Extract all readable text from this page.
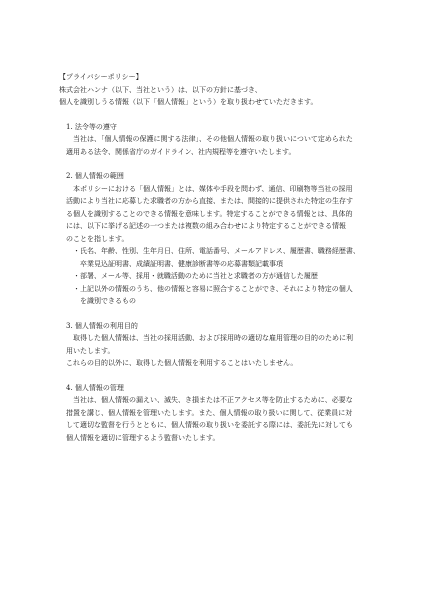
【プライバシーポリシー】
株式会社ハンナ（以下、当社という）は、以下の方針に基づき、
個人を識別しうる情報（以下「個人情報」という）を取り扱わせていただきます。
1. 法令等の遵守
当社は、「個人情報の保護に関する法律」、その他個人情報の取り扱いについて定められた
適用ある法令、関係省庁のガイドライン、社内規程等を遵守いたします。
2. 個人情報の範囲
本ポリシーにおける「個人情報」とは、媒体や手段を問わず、通信、印刷物等当社の採用
活動により当社に応募した求職者の方から直接、または、間接的に提供された特定の生存す
る個人を識別することのできる情報を意味します。特定することができる情報とは、具体的
には、以下に挙げる記述の一つまたは複数の組み合わせにより特定することができる情報
のことを指します。
・氏名、年齢、性別、生年月日、住所、電話番号、メールアドレス、履歴書、職務経歴書、
卒業見込証明書、成績証明書、健康診断書等の応募書類記載事項
・部署、メール等、採用・就職活動のために当社と求職者の方が通信した履歴
・上記以外の情報のうち、他の情報と容易に照合することができ、それにより特定の個人
を識別できるもの
3. 個人情報の利用目的
取得した個人情報は、当社の採用活動、および採用時の適切な雇用管理の目的のために利
用いたします。
これらの目的以外に、取得した個人情報を利用することはいたしません。
4. 個人情報の管理
当社は、個人情報の漏えい、滅失、き損または不正アクセス等を防止するために、必要な
措置を講じ、個人情報を管理いたします。また、個人情報の取り扱いに関して、従業員に対
して適切な監督を行うとともに、個人情報の取り扱いを委託する際には、委託先に対しても
個人情報を適切に管理するよう監督いたします。
